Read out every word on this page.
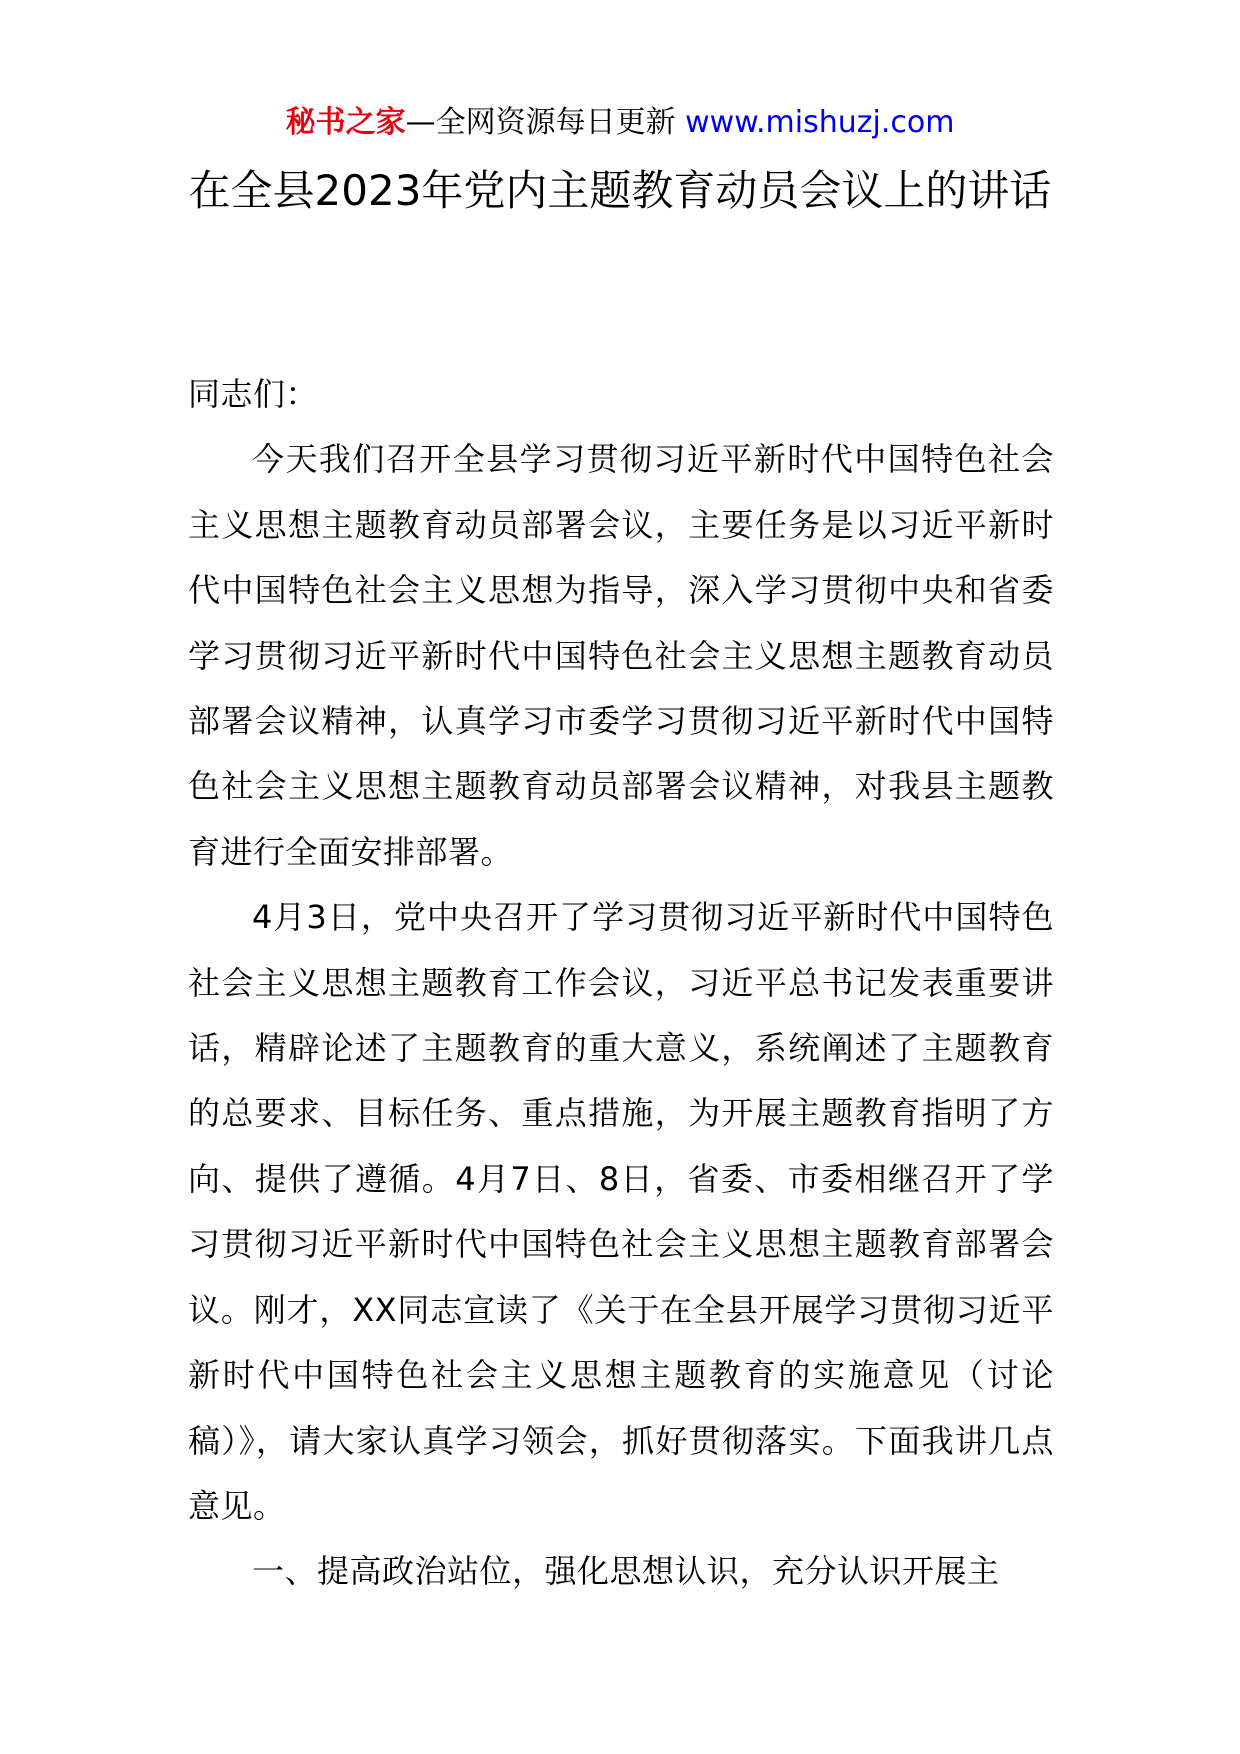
秘书之家—全网资源每日更新 www.mishuzj.com
在全县2023年党内主题教育动员会议上的讲话

同志们：

今天我们召开全县学习贯彻习近平新时代中国特色社会主义思想主题教育动员部署会议，主要任务是以习近平新时代中国特色社会主义思想为指导，深入学习贯彻中央和省委学习贯彻习近平新时代中国特色社会主义思想主题教育动员部署会议精神，认真学习市委学习贯彻习近平新时代中国特色社会主义思想主题教育动员部署会议精神，对我县主题教育进行全面安排部署。

4月3日，党中央召开了学习贯彻习近平新时代中国特色社会主义思想主题教育工作会议，习近平总书记发表重要讲话，精辟论述了主题教育的重大意义，系统阐述了主题教育的总要求、目标任务、重点措施，为开展主题教育指明了方向、提供了遵循。4月7日、8日，省委、市委相继召开了学习贯彻习近平新时代中国特色社会主义思想主题教育部署会议。刚才，XX同志宣读了《关于在全县开展学习贯彻习近平新时代中国特色社会主义思想主题教育的实施意见（讨论稿）》，请大家认真学习领会，抓好贯彻落实。下面我讲几点意见。

一、提高政治站位，强化思想认识，充分认识开展主
